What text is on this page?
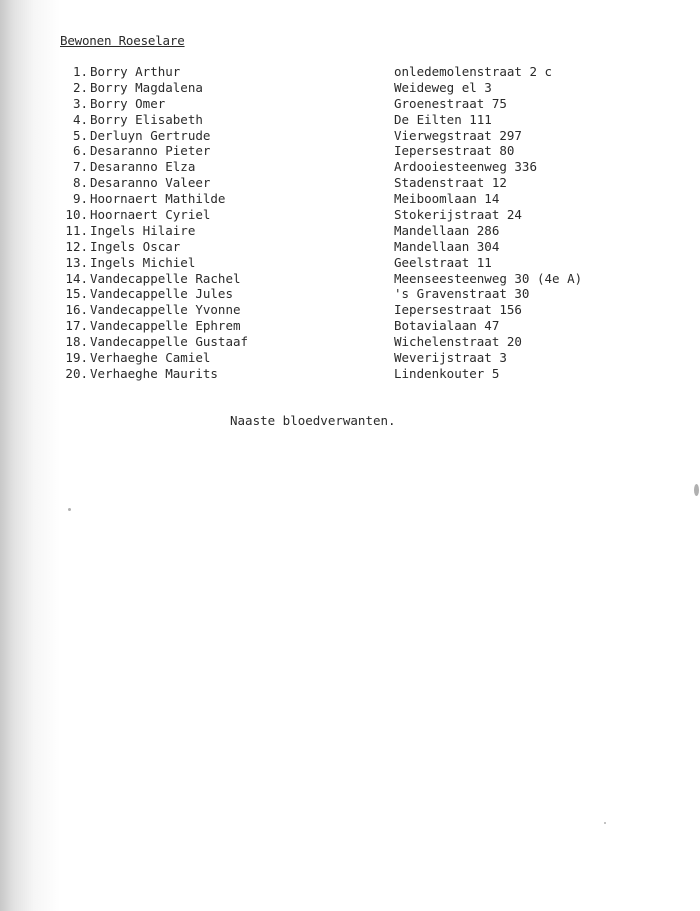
Bewonen Roeselare
1. Borry Arthur	onledemolenstraat 2 c
2. Borry Magdalena	Weideweg el 3
3. Borry Omer	Groenestraat 75
4. Borry Elisabeth	De Eilten 111
5. Derluyn Gertrude	Vierwegstraat 297
6. Desaranno Pieter	Iepersestraat 80
7. Desaranno Elza	Ardooiesteenweg 336
8. Desaranno Valeer	Stadenstraat 12
9. Hoornaert Mathilde	Meiboomlaan 14
10. Hoornaert Cyriel	Stokerijstraat 24
11. Ingels Hilaire	Mandellaan 286
12. Ingels Oscar	Mandellaan 304
13. Ingels Michiel	Geelstraat 11
14. Vandecappelle Rachel	Meenseesteenweg 30 (4e A)
15. Vandecappelle Jules	's Gravenstraat 30
16. Vandecappelle Yvonne	Iepersestraat 156
17. Vandecappelle Ephrem	Botavialaan 47
18. Vandecappelle Gustaaf	Wichelenstraat 20
19. Verhaeghe Camiel	Weverijstraat 3
20. Verhaeghe Maurits	Lindenkouter 5
Naaste bloedverwanten.
